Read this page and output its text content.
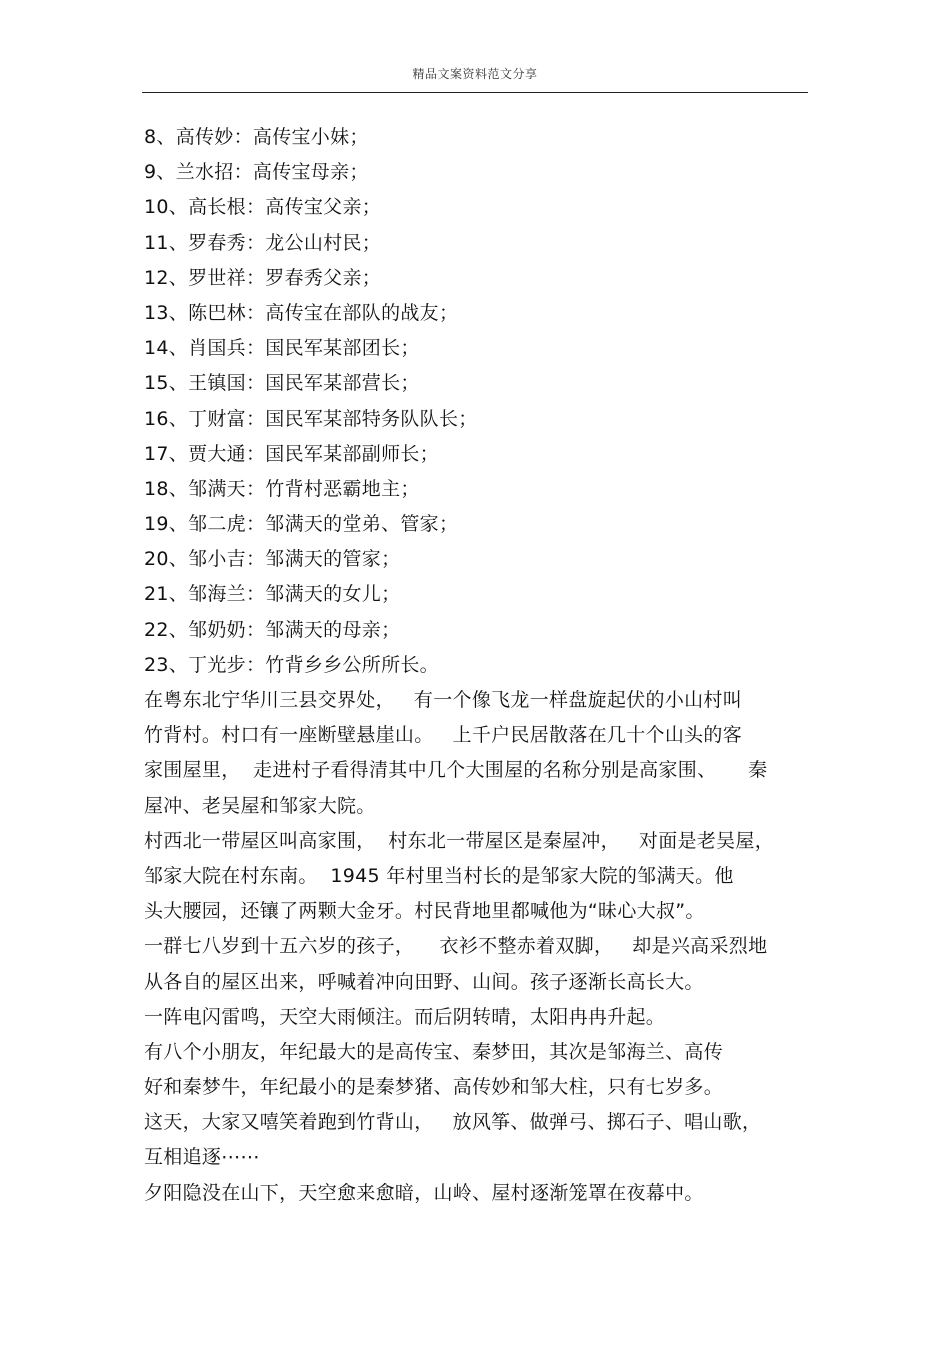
精品文案资料范文分享
8、高传妙：高传宝小妹；
9、兰水招：高传宝母亲；
10、高长根：高传宝父亲；
11、罗春秀：龙公山村民；
12、罗世祥：罗春秀父亲；
13、陈巴林：高传宝在部队的战友；
14、肖国兵：国民军某部团长；
15、王镇国：国民军某部营长；
16、丁财富：国民军某部特务队队长；
17、贾大通：国民军某部副师长；
18、邹满天：竹背村恶霸地主；
19、邹二虎：邹满天的堂弟、管家；
20、邹小吉：邹满天的管家；
21、邹海兰：邹满天的女儿；
22、邹奶奶：邹满天的母亲；
23、丁光步：竹背乡乡公所所长。
在粤东北宁华川三县交界处，   有一个像飞龙一样盘旋起伏的小山村叫
竹背村。村口有一座断壁悬崖山。   上千户民居散落在几十个山头的客
家围屋里，  走进村子看得清其中几个大围屋的名称分别是高家围、     秦
屋冲、老吴屋和邹家大院。
村西北一带屋区叫高家围，  村东北一带屋区是秦屋冲，   对面是老吴屋，
邹家大院在村东南。  1945 年村里当村长的是邹家大院的邹满天。他
头大腰园，还镶了两颗大金牙。村民背地里都喊他为“昧心大叔”。
一群七八岁到十五六岁的孩子，    衣衫不整赤着双脚，   却是兴高采烈地
从各自的屋区出来，呼喊着冲向田野、山间。孩子逐渐长高长大。
一阵电闪雷鸣，天空大雨倾注。而后阴转晴，太阳冉冉升起。
有八个小朋友，年纪最大的是高传宝、秦梦田，其次是邹海兰、高传
好和秦梦牛，年纪最小的是秦梦猪、高传妙和邹大柱，只有七岁多。
这天，大家又嘻笑着跑到竹背山，   放风筝、做弹弓、掷石子、唱山歌，
互相追逐⋯⋯
夕阳隐没在山下，天空愈来愈暗，山岭、屋村逐渐笼罩在夜幕中。
